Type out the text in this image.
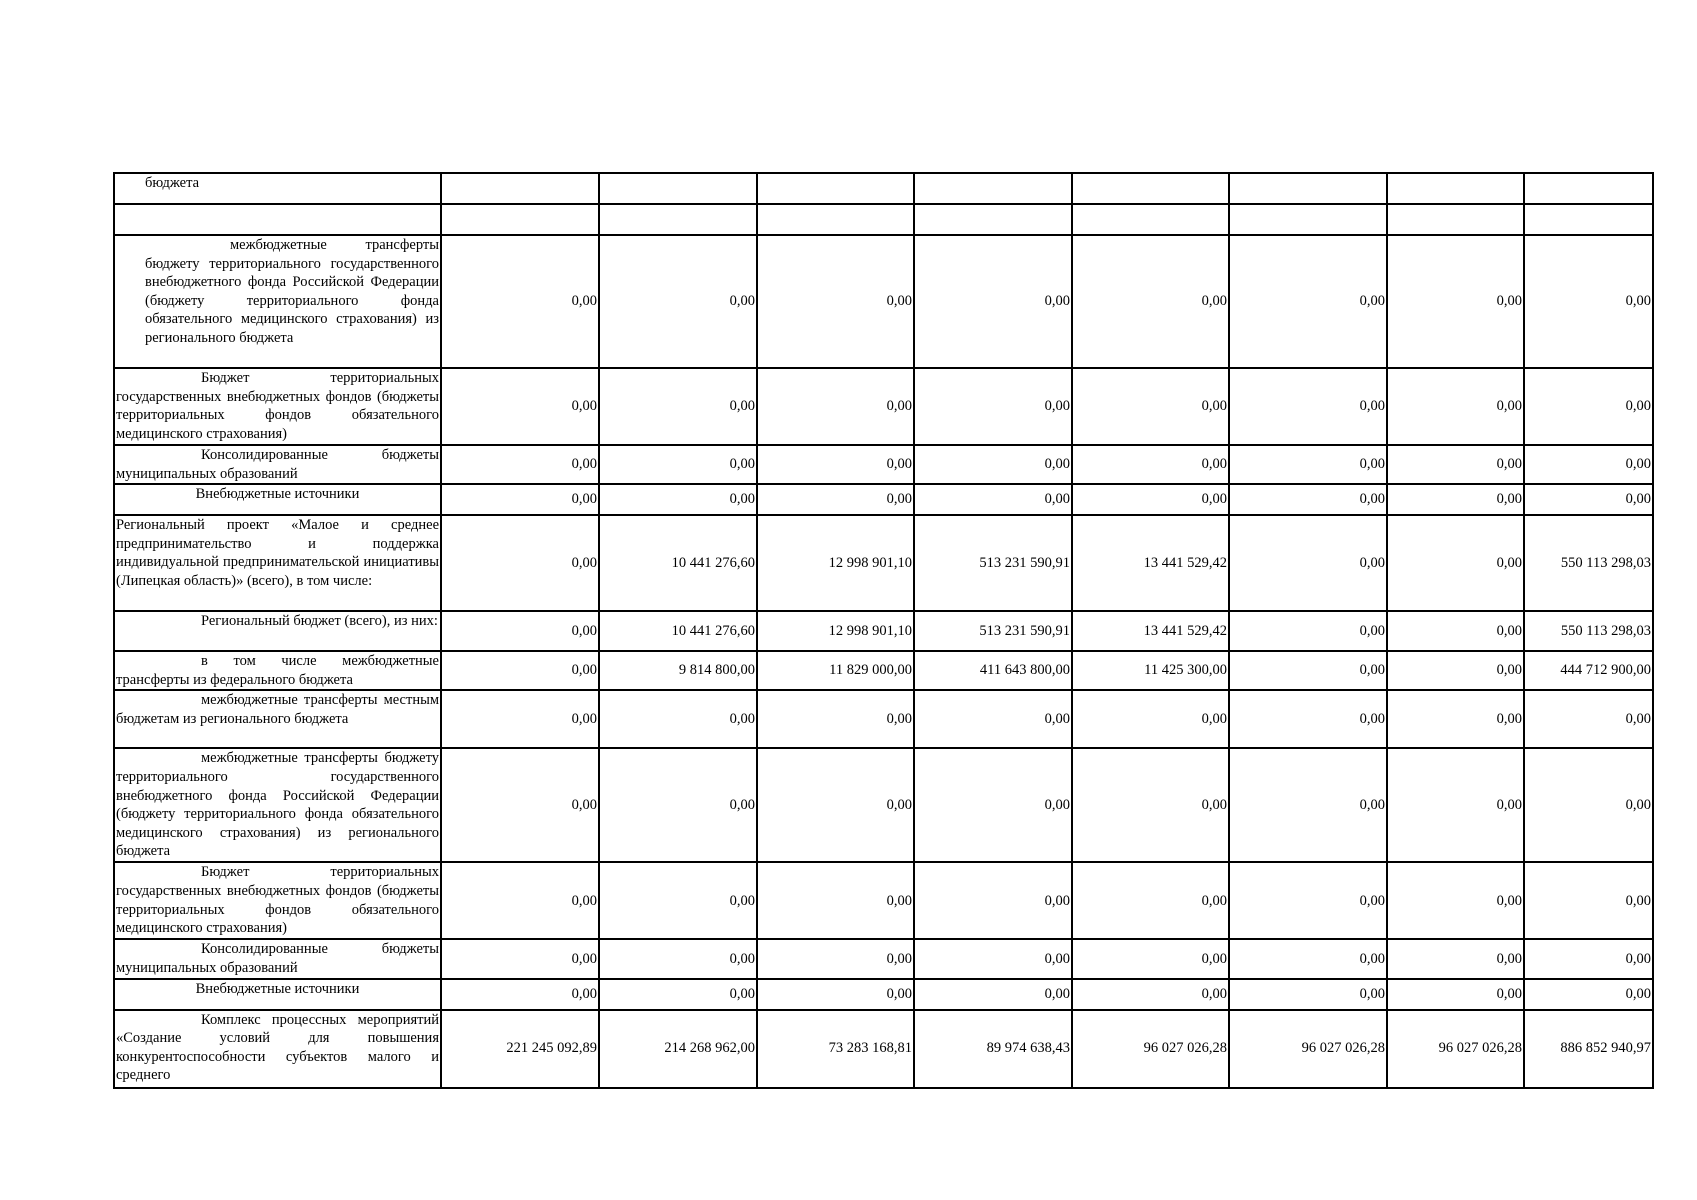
бюджета								

межбюджетные трансферты бюджету территориального государственного внебюджетного фонда Российской Федерации (бюджету территориального фонда обязательного медицинского страхования) из регионального бюджета	0,00	0,00	0,00	0,00	0,00	0,00	0,00	0,00

Бюджет территориальных государственных внебюджетных фондов (бюджеты территориальных фондов обязательного медицинского страхования)	0,00	0,00	0,00	0,00	0,00	0,00	0,00	0,00

Консолидированные бюджеты муниципальных образований	0,00	0,00	0,00	0,00	0,00	0,00	0,00	0,00

Внебюджетные источники	0,00	0,00	0,00	0,00	0,00	0,00	0,00	0,00

Региональный проект «Малое и среднее предпринимательство и поддержка индивидуальной предпринимательской инициативы (Липецкая область)» (всего), в том числе:	0,00	10 441 276,60	12 998 901,10	513 231 590,91	13 441 529,42	0,00	0,00	550 113 298,03

Региональный бюджет (всего), из них:	0,00	10 441 276,60	12 998 901,10	513 231 590,91	13 441 529,42	0,00	0,00	550 113 298,03

в том числе межбюджетные трансферты из федерального бюджета	0,00	9 814 800,00	11 829 000,00	411 643 800,00	11 425 300,00	0,00	0,00	444 712 900,00

межбюджетные трансферты местным бюджетам из регионального бюджета	0,00	0,00	0,00	0,00	0,00	0,00	0,00	0,00

межбюджетные трансферты бюджету территориального государственного внебюджетного фонда Российской Федерации (бюджету территориального фонда обязательного медицинского страхования) из регионального бюджета	0,00	0,00	0,00	0,00	0,00	0,00	0,00	0,00

Бюджет территориальных государственных внебюджетных фондов (бюджеты территориальных фондов обязательного медицинского страхования)	0,00	0,00	0,00	0,00	0,00	0,00	0,00	0,00

Консолидированные бюджеты муниципальных образований	0,00	0,00	0,00	0,00	0,00	0,00	0,00	0,00

Внебюджетные источники	0,00	0,00	0,00	0,00	0,00	0,00	0,00	0,00

Комплекс процессных мероприятий «Создание условий для повышения конкурентоспособности субъектов малого и среднего	221 245 092,89	214 268 962,00	73 283 168,81	89 974 638,43	96 027 026,28	96 027 026,28	96 027 026,28	886 852 940,97
